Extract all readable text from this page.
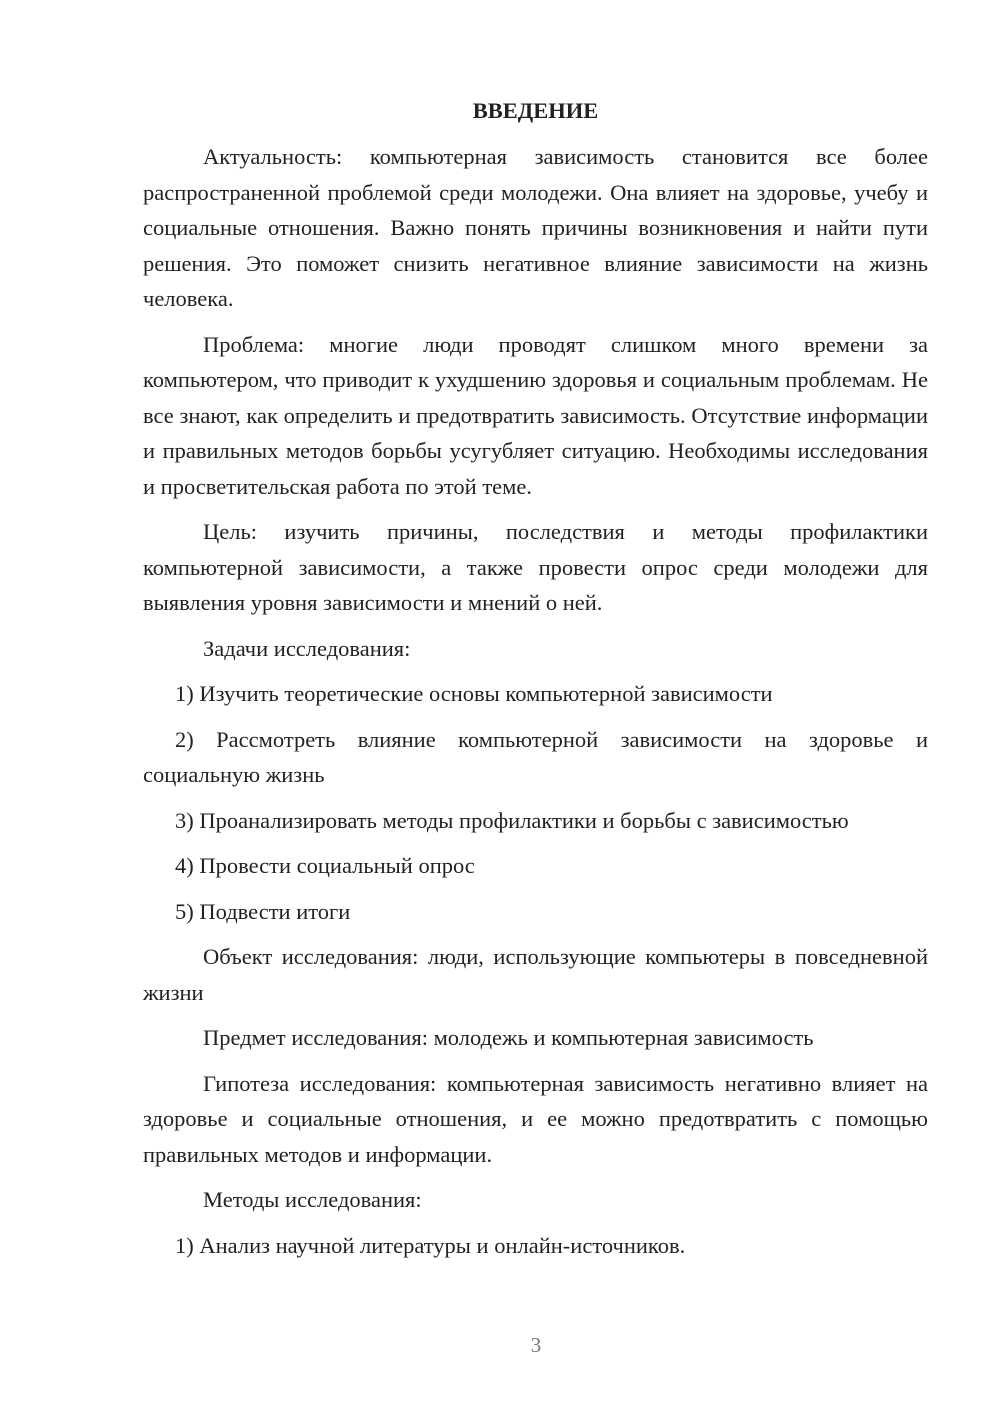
ВВЕДЕНИЕ

Актуальность: компьютерная зависимость становится все более распространенной проблемой среди молодежи. Она влияет на здоровье, учебу и социальные отношения. Важно понять причины возникновения и найти пути решения. Это поможет снизить негативное влияние зависимости на жизнь человека.

Проблема: многие люди проводят слишком много времени за компьютером, что приводит к ухудшению здоровья и социальным проблемам. Не все знают, как определить и предотвратить зависимость. Отсутствие информации и правильных методов борьбы усугубляет ситуацию. Необходимы исследования и просветительская работа по этой теме.

Цель: изучить причины, последствия и методы профилактики компьютерной зависимости, а также провести опрос среди молодежи для выявления уровня зависимости и мнений о ней.

Задачи исследования:

1) Изучить теоретические основы компьютерной зависимости

2) Рассмотреть влияние компьютерной зависимости на здоровье и социальную жизнь

3) Проанализировать методы профилактики и борьбы с зависимостью

4) Провести социальный опрос

5) Подвести итоги

Объект исследования: люди, использующие компьютеры в повседневной жизни

Предмет исследования: молодежь и компьютерная зависимость

Гипотеза исследования: компьютерная зависимость негативно влияет на здоровье и социальные отношения, и ее можно предотвратить с помощью правильных методов и информации.

Методы исследования:

1) Анализ научной литературы и онлайн-источников.

3
